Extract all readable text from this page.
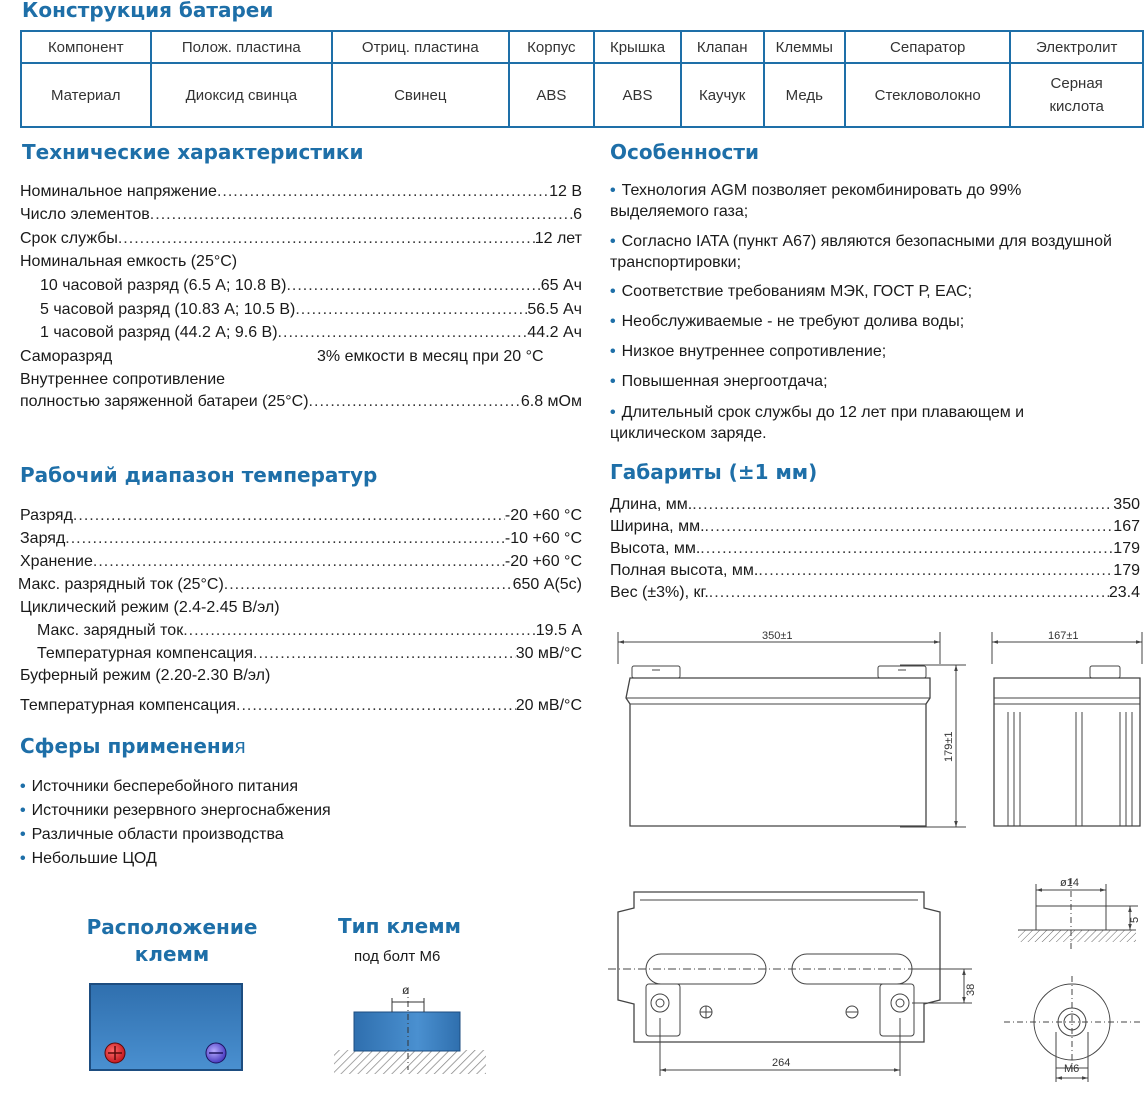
Конструкция батареи
Компонент	Полож. пластина	Отриц. пластина	Корпус	Крышка	Клапан	Клеммы	Сепаратор	Электролит
Материал	Диоксид свинца	Свинец	ABS	ABS	Каучук	Медь	Стекловолокно	Серная кислота
Технические характеристики
Номинальное напряжение .....	12 В
Число элементов .....	6
Срок службы .....	12 лет
Номинальная емкость (25°C)
10 часовой разряд (6.5 А; 10.8 В) .....	65 Ач
5 часовой разряд (10.83 А; 10.5 В) .....	56.5 Ач
1 часовой разряд (44.2 А; 9.6 В) .....	44.2 Ач
Саморазряд	3% емкости в месяц при 20 °C
Внутреннее сопротивление
полностью заряженной батареи (25°C) .....	6.8 мОм
Рабочий диапазон температур
Разряд .....	-20 +60 °C
Заряд .....	-10 +60 °C
Хранение .....	-20 +60 °C
Макс. разрядный ток (25°C) .....	650 А(5с)
Циклический режим (2.4-2.45 В/эл)
Макс. зарядный ток .....	19.5 А
Температурная компенсация .....	30 мВ/°C
Буферный режим (2.20-2.30 В/эл)
Температурная компенсация .....	20 мВ/°C
Сферы применения
• Источники бесперебойного питания
• Источники резервного энергоснабжения
• Различные области производства
• Небольшие ЦОД
Расположение
клемм
Тип клемм
под болт М6
ø
Особенности
• Технология AGM позволяет рекомбинировать до 99% выделяемого газа;
• Согласно IATA (пункт А67) являются безопасными для воздушной транспортировки;
• Соответствие требованиям МЭК, ГОСТ Р, ЕАС;
• Необслуживаемые - не требуют долива воды;
• Низкое внутреннее сопротивление;
• Повышенная энергоотдача;
• Длительный срок службы до 12 лет при плавающем и циклическом заряде.
Габариты (±1 мм)
Длина, мм. .....	350
Ширина, мм. .....	167
Высота, мм. .....	179
Полная высота, мм. .....	179
Вес (±3%), кг. .....	23.4
350±1
179±1
167±1
264
38
ø14
5
M6
